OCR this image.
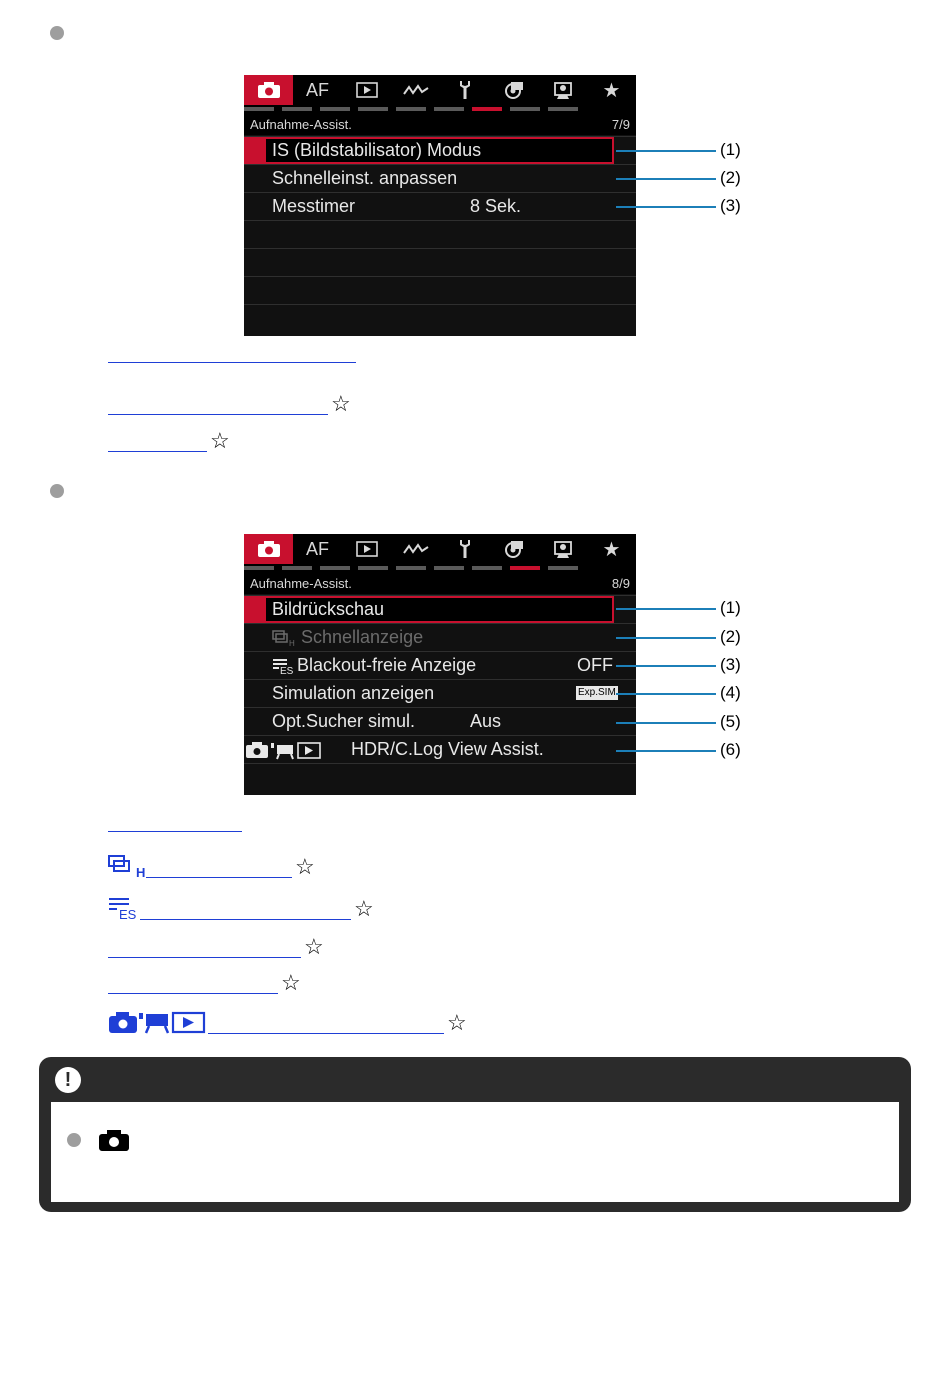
AF	★
Aufnahme-Assist.	7/9
IS (Bildstabilisator) Modus
Schnelleinst. anpassen
Messtimer	8 Sek.
(1)
(2)
(3)
☆
☆
AF	★
Aufnahme-Assist.	8/9
Bildrückschau
H Schnellanzeige
ES Blackout-freie Anzeige	OFF
Simulation anzeigen	Exp.SIM
Opt.Sucher simul.	Aus
HDR/C.Log View Assist.
(1)
(2)
(3)
(4)
(5)
(6)
H	☆
ES	☆
☆
☆
☆
!
